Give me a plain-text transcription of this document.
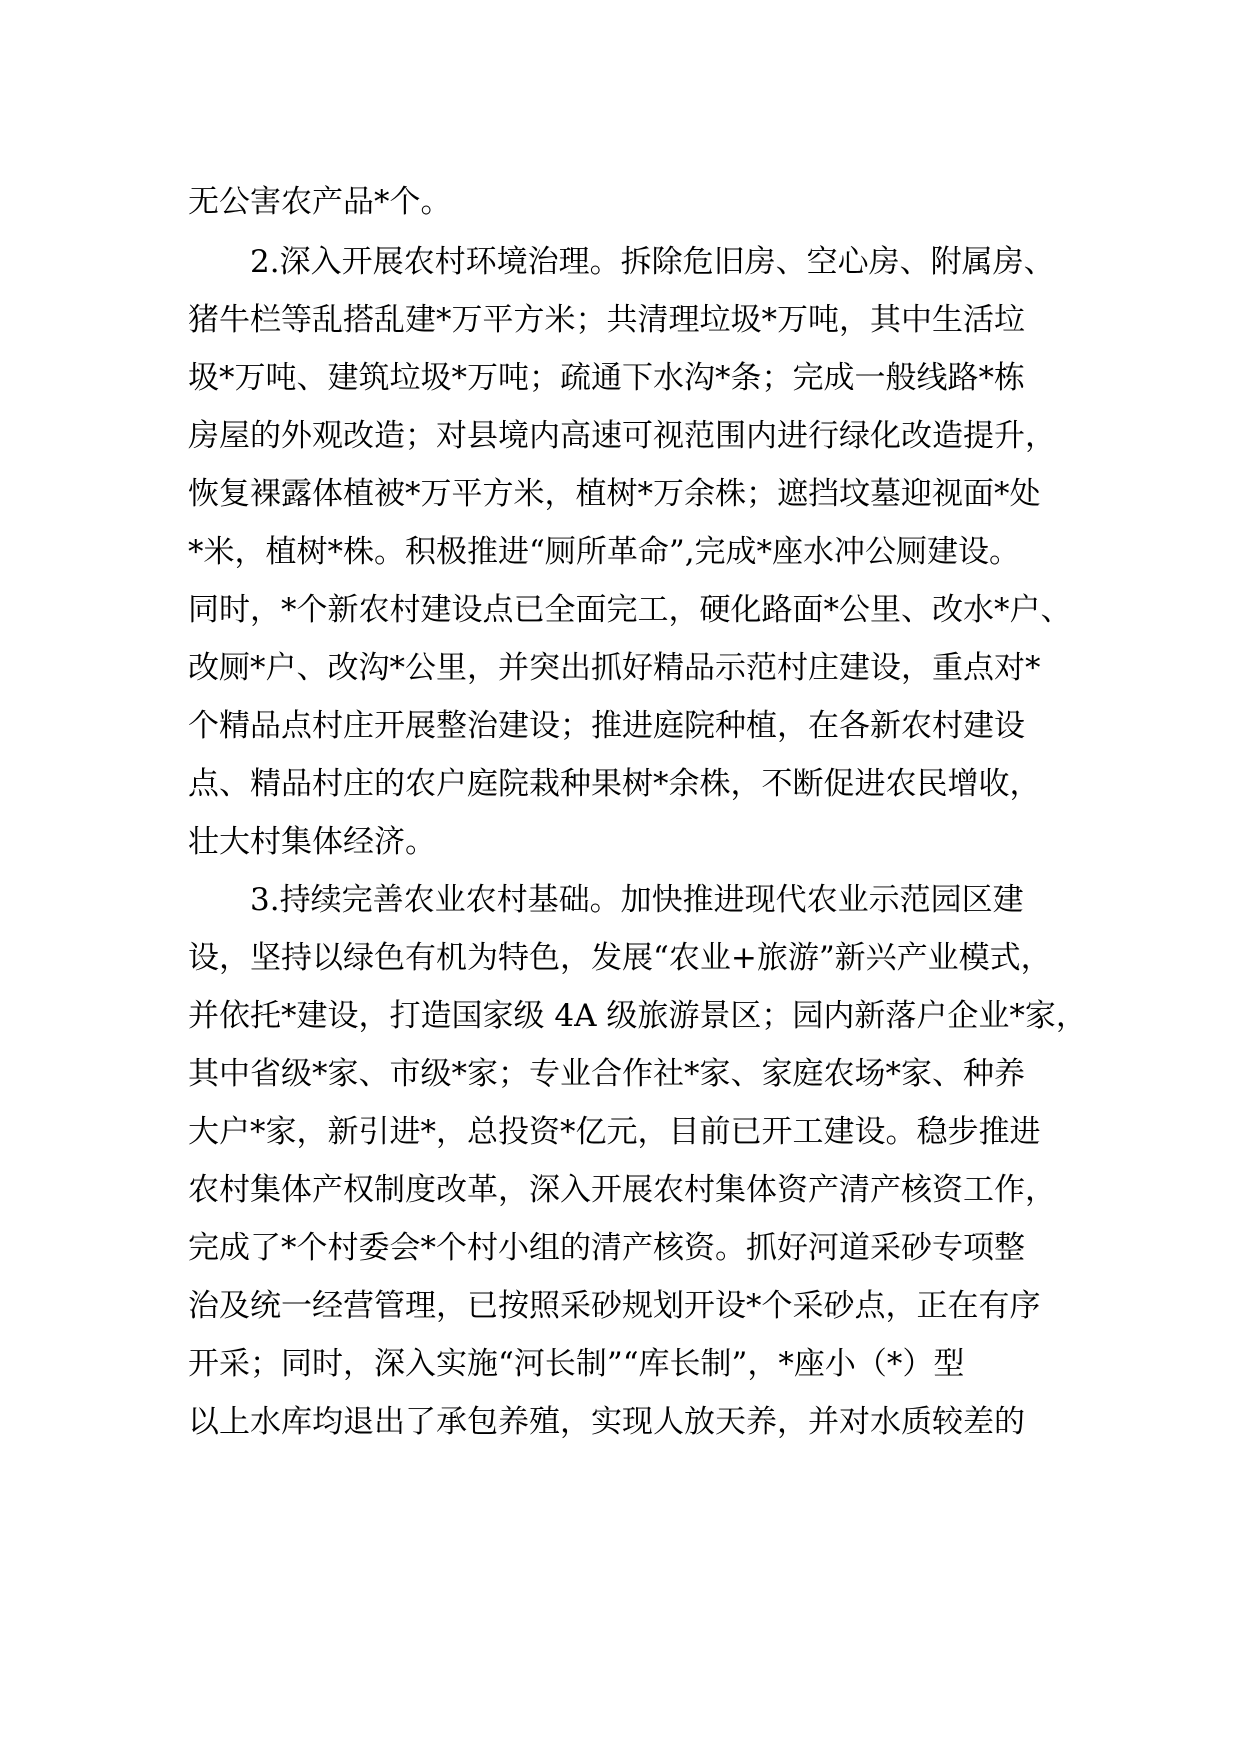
无公害农产品*个。

2.深入开展农村环境治理。拆除危旧房、空心房、附属房、

猪牛栏等乱搭乱建*万平方米；共清理垃圾*万吨，其中生活垃

圾*万吨、建筑垃圾*万吨；疏通下水沟*条；完成一般线路*栋

房屋的外观改造；对县境内高速可视范围内进行绿化改造提升，

恢复裸露体植被*万平方米，植树*万余株；遮挡坟墓迎视面*处

*米，植树*株。积极推进“厕所革命”,完成*座水冲公厕建设。

同时，*个新农村建设点已全面完工，硬化路面*公里、改水*户、

改厕*户、改沟*公里，并突出抓好精品示范村庄建设，重点对*

个精品点村庄开展整治建设；推进庭院种植，在各新农村建设

点、精品村庄的农户庭院栽种果树*余株，不断促进农民增收，

壮大村集体经济。

3.持续完善农业农村基础。加快推进现代农业示范园区建

设，坚持以绿色有机为特色，发展“农业+旅游”新兴产业模式，

并依托*建设，打造国家级 4A 级旅游景区；园内新落户企业*家，

其中省级*家、市级*家；专业合作社*家、家庭农场*家、种养

大户*家，新引进*，总投资*亿元，目前已开工建设。稳步推进

农村集体产权制度改革，深入开展农村集体资产清产核资工作，

完成了*个村委会*个村小组的清产核资。抓好河道采砂专项整

治及统一经营管理，已按照采砂规划开设*个采砂点，正在有序

开采；同时，深入实施“河长制”“库长制”，*座小（*）型

以上水库均退出了承包养殖，实现人放天养，并对水质较差的
